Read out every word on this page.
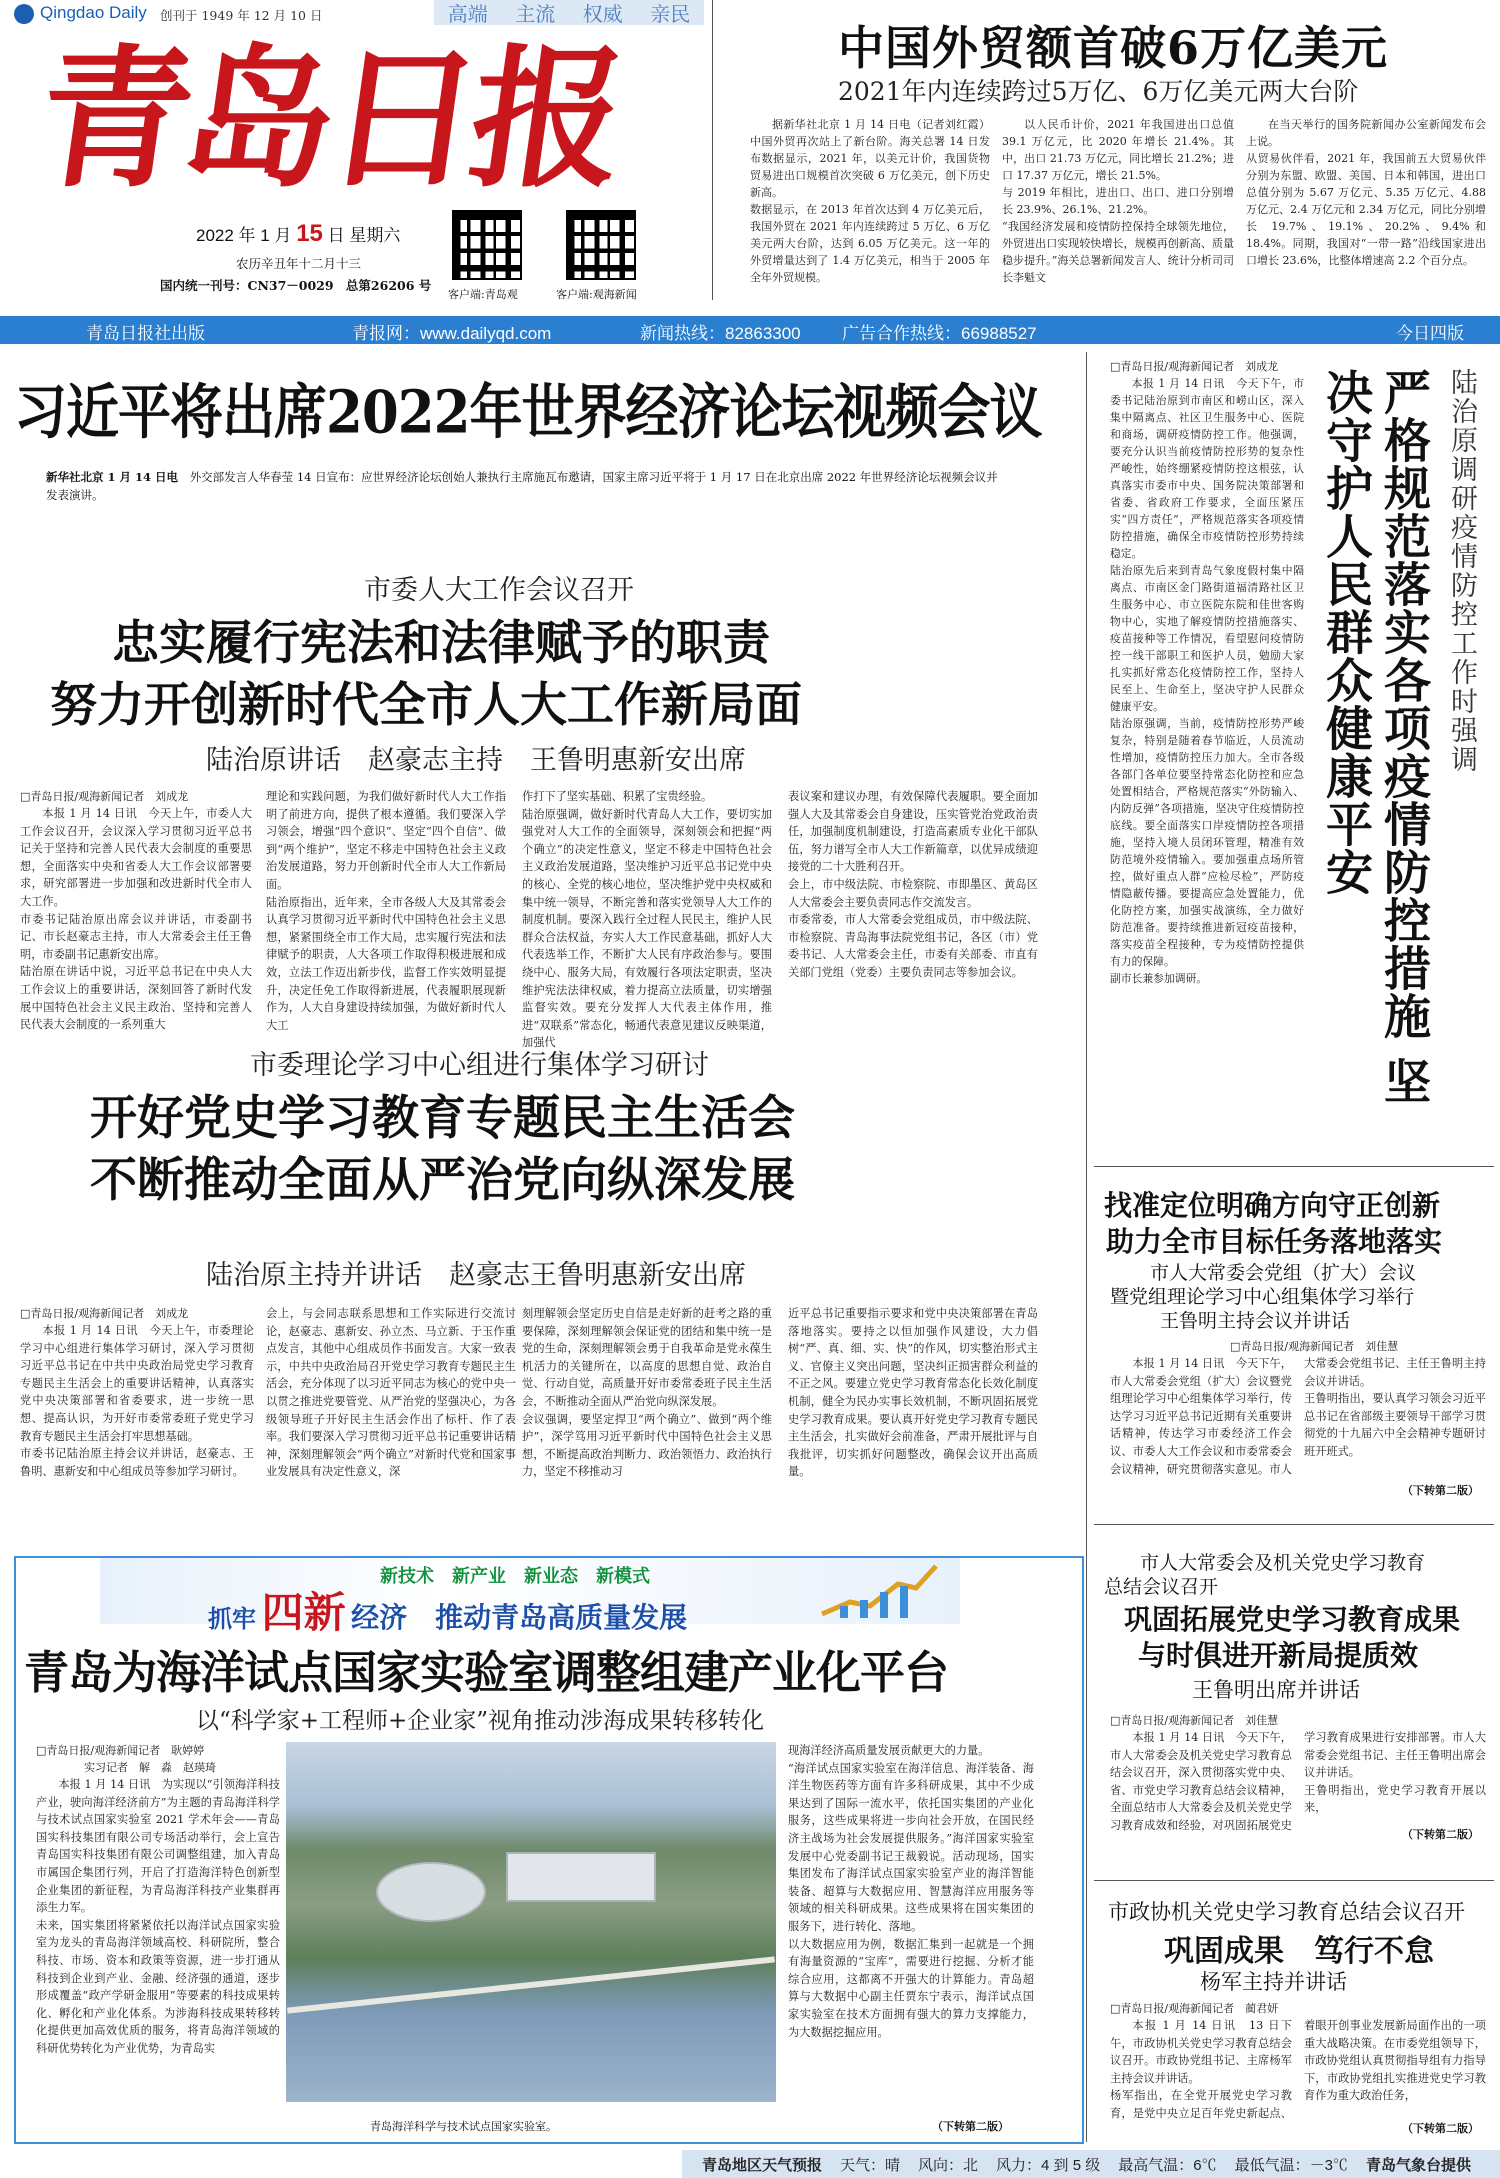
Qingdao Daily 创刊于 1949 年 12 月 10 日	高端 主流 权威 亲民
青岛日报
2022 年 1 月 15 日 星期六
农历辛丑年十二月十三
国内统一刊号：CN37－0029 总第26206 号
客户端:青岛观	客户端:观海新闻
中国外贸额首破6万亿美元
2021年内连续跨过5万亿、6万亿美元两大台阶
据新华社北京 1 月 14 日电（记者刘红霞）中国外贸再次站上了新台阶。海关总署 14 日发布数据显示，2021 年，以美元计价，我国货物贸易进出口规模首次突破 6 万亿美元，创下历史新高。
数据显示，在 2013 年首次达到 4 万亿美元后，我国外贸在 2021 年内连续跨过 5 万亿、6 万亿美元两大台阶，达到 6.05 万亿美元。这一年的外贸增量达到了 1.4 万亿美元，相当于 2005 年全年外贸规模。
以人民币计价，2021 年我国进出口总值 39.1 万亿元，比 2020 年增长 21.4%。其中，出口 21.73 万亿元，同比增长 21.2%；进口 17.37 万亿元，增长 21.5%。
与 2019 年相比，进出口、出口、进口分别增长 23.9%、26.1%、21.2%。
“我国经济发展和疫情防控保持全球领先地位，外贸进出口实现较快增长，规模再创新高、质量稳步提升。”海关总署新闻发言人、统计分析司司长李魁文
在当天举行的国务院新闻办公室新闻发布会上说。
从贸易伙伴看，2021 年，我国前五大贸易伙伴分别为东盟、欧盟、美国、日本和韩国，进出口总值分别为 5.67 万亿元、5.35 万亿元、4.88 万亿元、2.4 万亿元和 2.34 万亿元，同比分别增长 19.7%、19.1%、20.2%、9.4%和 18.4%。同期，我国对“一带一路”沿线国家进出口增长 23.6%，比整体增速高 2.2 个百分点。
青岛日报社出版	青报网：www.dailyqd.com	新闻热线：82863300 广告合作热线：66988527	今日四版
习近平将出席2022年世界经济论坛视频会议
新华社北京 1 月 14 日电 外交部发言人华春莹 14 日宣布：应世界经济论坛创始人兼执行主席施瓦布邀请，国家主席习近平将于 1 月 17 日在北京出席 2022 年世界经济论坛视频会议并发表演讲。
市委人大工作会议召开
忠实履行宪法和法律赋予的职责
努力开创新时代全市人大工作新局面
陆治原讲话　赵豪志主持　王鲁明惠新安出席
□青岛日报/观海新闻记者　刘成龙
本报 1 月 14 日讯　今天上午，市委人大工作会议召开，会议深入学习贯彻习近平总书记关于坚持和完善人民代表大会制度的重要思想，全面落实中央和省委人大工作会议部署要求，研究部署进一步加强和改进新时代全市人大工作。
市委书记陆治原出席会议并讲话，市委副书记、市长赵豪志主持，市人大常委会主任王鲁明，市委副书记惠新安出席。
陆治原在讲话中说，习近平总书记在中央人大工作会议上的重要讲话，深刻回答了新时代发展中国特色社会主义民主政治、坚持和完善人民代表大会制度的一系列重大
理论和实践问题，为我们做好新时代人大工作指明了前进方向，提供了根本遵循。我们要深入学习领会，增强“四个意识”、坚定“四个自信”、做到“两个维护”，坚定不移走中国特色社会主义政治发展道路，努力开创新时代全市人大工作新局面。
陆治原指出，近年来，全市各级人大及其常委会认真学习贯彻习近平新时代中国特色社会主义思想，紧紧围绕全市工作大局，忠实履行宪法和法律赋予的职责，人大各项工作取得积极进展和成效，立法工作迈出新步伐，监督工作实效明显提升，决定任免工作取得新进展，代表履职展现新作为，人大自身建设持续加强，为做好新时代人大工
作打下了坚实基础、积累了宝贵经验。
陆治原强调，做好新时代青岛人大工作，要切实加强党对人大工作的全面领导，深刻领会和把握“两个确立”的决定性意义，坚定不移走中国特色社会主义政治发展道路，坚决维护习近平总书记党中央的核心、全党的核心地位，坚决维护党中央权威和集中统一领导，不断完善和落实党领导人大工作的制度机制。要深入践行全过程人民民主，维护人民群众合法权益，夯实人大工作民意基础，抓好人大代表选举工作，不断扩大人民有序政治参与。要围绕中心、服务大局，有效履行各项法定职责，坚决维护宪法法律权威，着力提高立法质量，切实增强监督实效。要充分发挥人大代表主体作用，推进“双联系”常态化，畅通代表意见建议反映渠道，加强代
表议案和建议办理，有效保障代表履职。要全面加强人大及其常委会自身建设，压实管党治党政治责任，加强制度机制建设，打造高素质专业化干部队伍，努力谱写全市人大工作新篇章，以优异成绩迎接党的二十大胜利召开。
会上，市中级法院、市检察院、市即墨区、黄岛区人大常委会主要负责同志作交流发言。
市委常委，市人大常委会党组成员，市中级法院、市检察院、青岛海事法院党组书记，各区（市）党委书记、人大常委会主任，市委有关部委、市直有关部门党组（党委）主要负责同志等参加会议。
市委理论学习中心组进行集体学习研讨
开好党史学习教育专题民主生活会
不断推动全面从严治党向纵深发展
陆治原主持并讲话　赵豪志王鲁明惠新安出席
□青岛日报/观海新闻记者　刘成龙
本报 1 月 14 日讯　今天上午，市委理论学习中心组进行集体学习研讨，深入学习贯彻习近平总书记在中共中央政治局党史学习教育专题民主生活会上的重要讲话精神，认真落实党中央决策部署和省委要求，进一步统一思想、提高认识，为开好市委常委班子党史学习教育专题民主生活会打牢思想基础。
市委书记陆治原主持会议并讲话，赵豪志、王鲁明、惠新安和中心组成员等参加学习研讨。
会上，与会同志联系思想和工作实际进行交流讨论，赵豪志、惠新安、孙立杰、马立新、于玉作重点发言，其他中心组成员作书面发言。大家一致表示，中共中央政治局召开党史学习教育专题民主生活会，充分体现了以习近平同志为核心的党中央一以贯之推进党要管党、从严治党的坚强决心，为各级领导班子开好民主生活会作出了标杆、作了表率。我们要深入学习贯彻习近平总书记重要讲话精神，深刻理解领会“两个确立”对新时代党和国家事业发展具有决定性意义，深
刻理解领会坚定历史自信是走好新的赶考之路的重要保障，深刻理解领会保证党的团结和集中统一是党的生命，深刻理解领会勇于自我革命是党永葆生机活力的关键所在，以高度的思想自觉、政治自觉、行动自觉，高质量开好市委常委班子民主生活会，不断推动全面从严治党向纵深发展。
会议强调，要坚定捍卫“两个确立”、做到“两个维护”，深学笃用习近平新时代中国特色社会主义思想，不断提高政治判断力、政治领悟力、政治执行力，坚定不移推动习
近平总书记重要指示要求和党中央决策部署在青岛落地落实。要持之以恒加强作风建设，大力倡树“严、真、细、实、快”的作风，切实整治形式主义、官僚主义突出问题，坚决纠正损害群众利益的不正之风。要建立党史学习教育常态化长效化制度机制，健全为民办实事长效机制，不断巩固拓展党史学习教育成果。要认真开好党史学习教育专题民主生活会，扎实做好会前准备，严肃开展批评与自我批评，切实抓好问题整改，确保会议开出高质量。
新技术　新产业　新业态　新模式
抓牢 四新 经济　推动青岛高质量发展
青岛为海洋试点国家实验室调整组建产业化平台
以“科学家+工程师+企业家”视角推动涉海成果转移转化
□青岛日报/观海新闻记者　耿婷婷
实习记者　解　淼　赵瑛琦
本报 1 月 14 日讯　为实现以“引领海洋科技产业，驶向海洋经济前方”为主题的青岛海洋科学与技术试点国家实验室 2021 学术年会——青岛国实科技集团有限公司专场活动举行，会上宣告青岛国实科技集团有限公司调整组建，加入青岛市属国企集团行列，开启了打造海洋特色创新型企业集团的新征程，为青岛海洋科技产业集群再添生力军。
未来，国实集团将紧紧依托以海洋试点国家实验室为龙头的青岛海洋领域高校、科研院所，整合科技、市场、资本和政策等资源，进一步打通从科技到企业到产业、金融、经济强的通道，逐步形成覆盖“政产学研金服用”等要素的科技成果转化、孵化和产业化体系。为涉海科技成果转移转化提供更加高效优质的服务，将青岛海洋领域的科研优势转化为产业优势，为青岛实
青岛海洋科学与技术试点国家实验室。
现海洋经济高质量发展贡献更大的力量。
“海洋试点国家实验室在海洋信息、海洋装备、海洋生物医药等方面有许多科研成果，其中不少成果达到了国际一流水平，依托国实集团的产业化服务，这些成果将进一步向社会开放，在国民经济主战场为社会发展提供服务。”海洋国家实验室发展中心党委副书记王裁毅说。活动现场，国实集团发布了海洋试点国家实验室产业的海洋智能装备、超算与大数据应用、智慧海洋应用服务等领域的相关科研成果。这些成果将在国实集团的服务下，进行转化、落地。
以大数据应用为例，数据汇集到一起就是一个拥有海量资源的“宝库”，需要进行挖掘、分析才能综合应用，这都离不开强大的计算能力。青岛超算与大数据中心副主任贾东宁表示，海洋试点国家实验室在技术方面拥有强大的算力支撑能力，为大数据挖掘应用。
（下转第二版）
□青岛日报/观海新闻记者　刘成龙
本报 1 月 14 日讯　今天下午，市委书记陆治原到市南区和崂山区，深入集中隔离点、社区卫生服务中心、医院和商场，调研疫情防控工作。他强调，要充分认识当前疫情防控形势的复杂性严峻性，始终绷紧疫情防控这根弦，认真落实市委市中央、国务院决策部署和省委、省政府工作要求，全面压紧压实“四方责任”，严格规范落实各项疫情防控措施，确保全市疫情防控形势持续稳定。
陆治原先后来到青岛气象度假村集中隔离点、市南区金门路街道福清路社区卫生服务中心、市立医院东院和佳世客购物中心，实地了解疫情防控措施落实、疫苗接种等工作情况，看望慰问疫情防控一线干部职工和医护人员，勉励大家扎实抓好常态化疫情防控工作，坚持人民至上、生命至上，坚决守护人民群众健康平安。
陆治原强调，当前，疫情防控形势严峻复杂，特别是随着春节临近，人员流动性增加，疫情防控压力加大。全市各级各部门各单位要坚持常态化防控和应急处置相结合，严格规范落实“外防输入、内防反弹”各项措施，坚决守住疫情防控底线。要全面落实口岸疫情防控各项措施，坚持入境人员闭环管理，精准有效防范境外疫情输入。要加强重点场所管控，做好重点人群“应检尽检”，严防疫情隐蔽传播。要提高应急处置能力，优化防控方案，加强实战演练，全力做好防范准备。要持续推进新冠疫苗接种，落实疫苗全程接种，专为疫情防控提供有力的保障。
副市长兼参加调研。	严格规范落实各项疫情防控措施 坚决守护人民群众健康平安	陆治原调研疫情防控工作时强调
找准定位明确方向守正创新
助力全市目标任务落地落实
市人大常委会党组（扩大）会议
暨党组理论学习中心组集体学习举行
王鲁明主持会议并讲话
□青岛日报/观海新闻记者　刘佳慧
本报 1 月 14 日讯　今天下午，市人大常委会党组（扩大）会议暨党组理论学习中心组集体学习举行，传达学习习近平总书记近期有关重要讲话精神，传达学习市委经济工作会议、市委人大工作会议和市委常委会会议精神，研究贯彻落实意见。市人大常委会党组书记、主任王鲁明主持会议并讲话。
王鲁明指出，要认真学习领会习近平总书记在省部级主要领导干部学习贯彻党的十九届六中全会精神专题研讨班开班式。
（下转第二版）
市人大常委会及机关党史学习教育
总结会议召开
巩固拓展党史学习教育成果
与时俱进开新局提质效
王鲁明出席并讲话
□青岛日报/观海新闻记者　刘佳慧
本报 1 月 14 日讯　今天下午，市人大常委会及机关党史学习教育总结会议召开，深入贯彻落实党中央、省、市党史学习教育总结会议精神，全面总结市人大常委会及机关党史学习教育成效和经验，对巩固拓展党史学习教育成果进行安排部署。市人大常委会党组书记、主任王鲁明出席会议并讲话。
王鲁明指出，党史学习教育开展以来，
（下转第二版）
市政协机关党史学习教育总结会议召开
巩固成果　笃行不怠
杨军主持并讲话
□青岛日报/观海新闻记者　蔺君妍
本报 1 月 14 日讯　13 日下午，市政协机关党史学习教育总结会议召开。市政协党组书记、主席杨军主持会议并讲话。
杨军指出，在全党开展党史学习教育，是党中央立足百年党史新起点、着眼开创事业发展新局面作出的一项重大战略决策。在市委党组领导下，市政协党组认真贯彻指导组有力指导下，市政协党组扎实推进党史学习教育作为重大政治任务，
（下转第二版）
青岛地区天气预报 天气：晴 风向：北 风力：4 到 5 级 最高气温：6℃ 最低气温：－3℃ 青岛气象台提供
